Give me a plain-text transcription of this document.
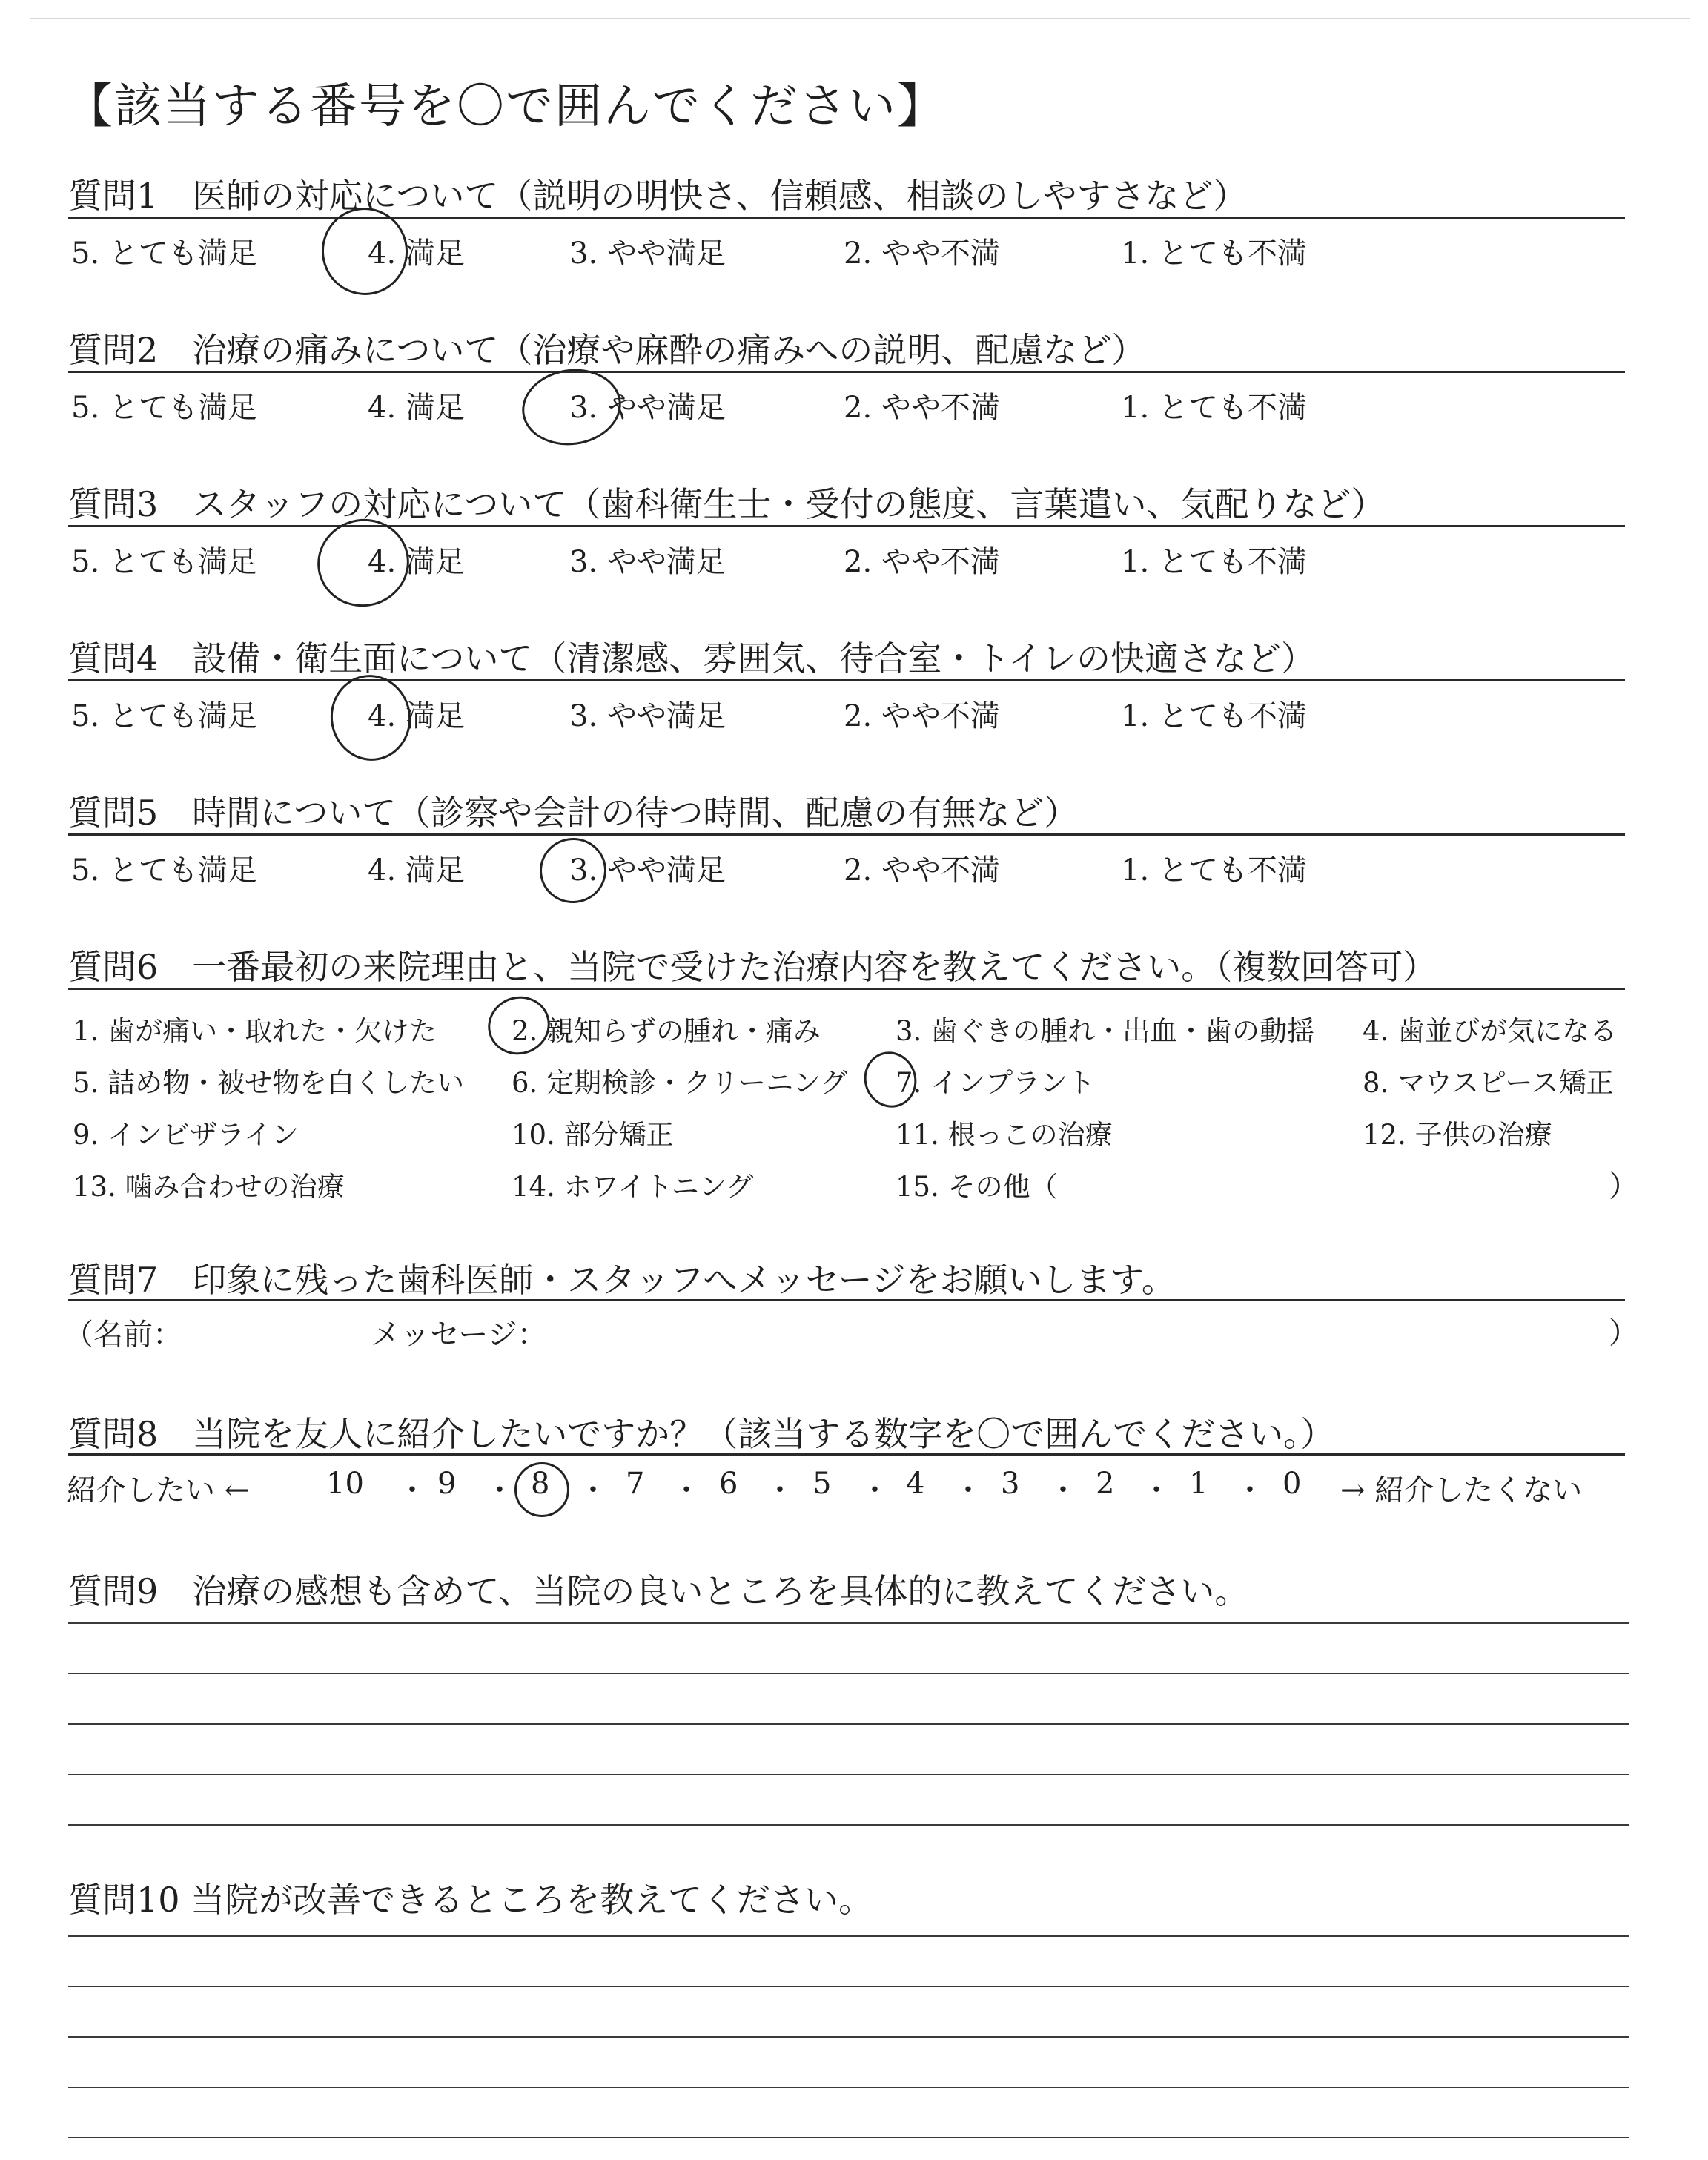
【該当する番号を〇で囲んでください】
質問1　医師の対応について（説明の明快さ、信頼感、相談のしやすさなど）
5. とても満足	4. 満足	3. やや満足	2. やや不満	1. とても不満
質問2　治療の痛みについて（治療や麻酔の痛みへの説明、配慮など）
5. とても満足	4. 満足	3. やや満足	2. やや不満	1. とても不満
質問3　スタッフの対応について（歯科衛生士・受付の態度、言葉遣い、気配りなど）
5. とても満足	4. 満足	3. やや満足	2. やや不満	1. とても不満
質問4　設備・衛生面について（清潔感、雰囲気、待合室・トイレの快適さなど）
5. とても満足	4. 満足	3. やや満足	2. やや不満	1. とても不満
質問5　時間について（診察や会計の待つ時間、配慮の有無など）
5. とても満足	4. 満足	3. やや満足	2. やや不満	1. とても不満
質問6　一番最初の来院理由と、当院で受けた治療内容を教えてください。（複数回答可）
1. 歯が痛い・取れた・欠けた	2. 親知らずの腫れ・痛み	3. 歯ぐきの腫れ・出血・歯の動揺 4. 歯並びが気になる
5. 詰め物・被せ物を白くしたい 6. 定期検診・クリーニング 7. インプラント	8. マウスピース矯正
9. インビザライン	10. 部分矯正	11. 根っこの治療	12. 子供の治療
13. 噛み合わせの治療	14. ホワイトニング	15. その他（	）
質問7　印象に残った歯科医師・スタッフへメッセージをお願いします。
（名前：	メッセージ：	）
質問8　当院を友人に紹介したいですか？（該当する数字を〇で囲んでください。）
紹介したい ←	→ 紹介したくない
10 ・ 9 ・ 8 ・ 7 ・ 6 ・ 5 ・ 4 ・ 3 ・ 2 ・ 1 ・ 0
質問9　治療の感想も含めて、当院の良いところを具体的に教えてください。
質問10 当院が改善できるところを教えてください。
